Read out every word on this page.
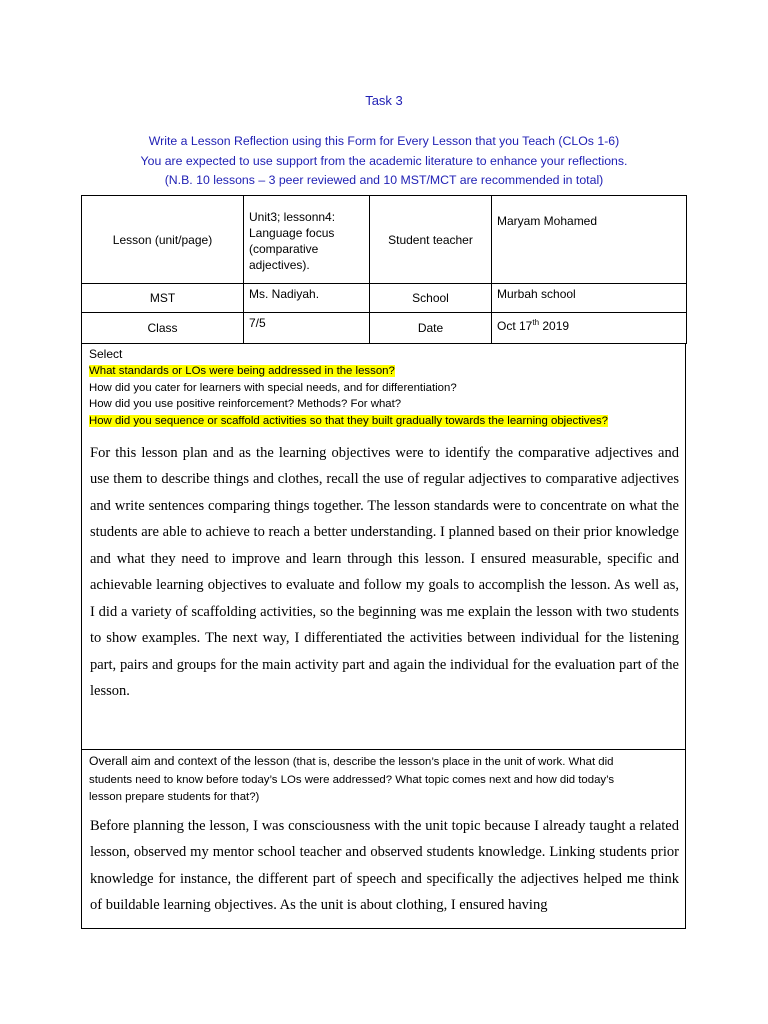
Task 3
Write a Lesson Reflection using this Form for Every Lesson that you Teach (CLOs 1-6)
You are expected to use support from the academic literature to enhance your reflections.
(N.B. 10 lessons – 3 peer reviewed and 10 MST/MCT are recommended in total)
Lesson (unit/page)	Unit3; lessonn4: Language focus (comparative adjectives).	Student teacher	Maryam Mohamed
MST	Ms. Nadiyah.	School	Murbah school
Class	7/5	Date	Oct 17th 2019
Select
What standards or LOs were being addressed in the lesson?
How did you cater for learners with special needs, and for differentiation?
How did you use positive reinforcement? Methods? For what?
How did you sequence or scaffold activities so that they built gradually towards the learning objectives?
For this lesson plan and as the learning objectives were to identify the comparative adjectives and use them to describe things and clothes, recall the use of regular adjectives to comparative adjectives and write sentences comparing things together. The lesson standards were to concentrate on what the students are able to achieve to reach a better understanding. I planned based on their prior knowledge and what they need to improve and learn through this lesson. I ensured measurable, specific and achievable learning objectives to evaluate and follow my goals to accomplish the lesson. As well as, I did a variety of scaffolding activities, so the beginning was me explain the lesson with two students to show examples. The next way, I differentiated the activities between individual for the listening part, pairs and groups for the main activity part and again the individual for the evaluation part of the lesson.
Overall aim and context of the lesson (that is, describe the lesson’s place in the unit of work. What did
students need to know before today’s LOs were addressed? What topic comes next and how did today’s
lesson prepare students for that?)
Before planning the lesson, I was consciousness with the unit topic because I already taught a related lesson, observed my mentor school teacher and observed students knowledge. Linking students prior knowledge for instance, the different part of speech and specifically the adjectives helped me think of buildable learning objectives. As the unit is about clothing, I ensured having
